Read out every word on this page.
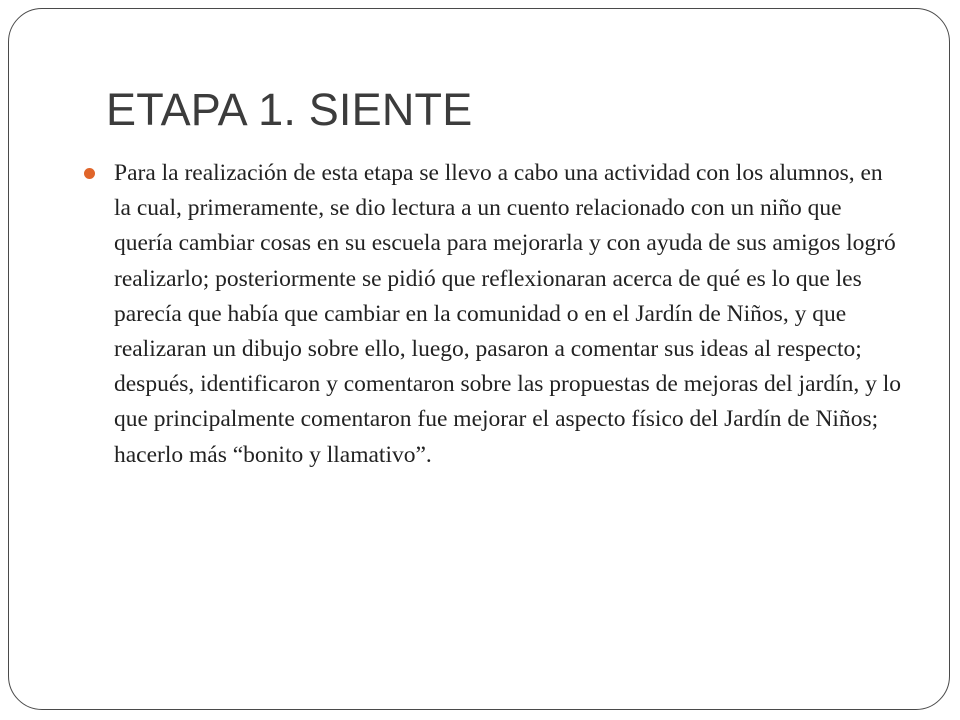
ETAPA 1. SIENTE

Para la realización de esta etapa se llevo a cabo una actividad con los alumnos, en la cual, primeramente, se dio lectura a un cuento relacionado con un niño que quería cambiar cosas en su escuela para mejorarla y con ayuda de sus amigos logró realizarlo; posteriormente se pidió que reflexionaran acerca de qué es lo que les parecía que había que cambiar en la comunidad o en el Jardín de Niños, y que realizaran un dibujo sobre ello, luego, pasaron a comentar sus ideas al respecto; después, identificaron y comentaron sobre las propuestas de mejoras del jardín, y lo que principalmente comentaron fue mejorar el aspecto físico del Jardín de Niños; hacerlo más “bonito y llamativo”.
